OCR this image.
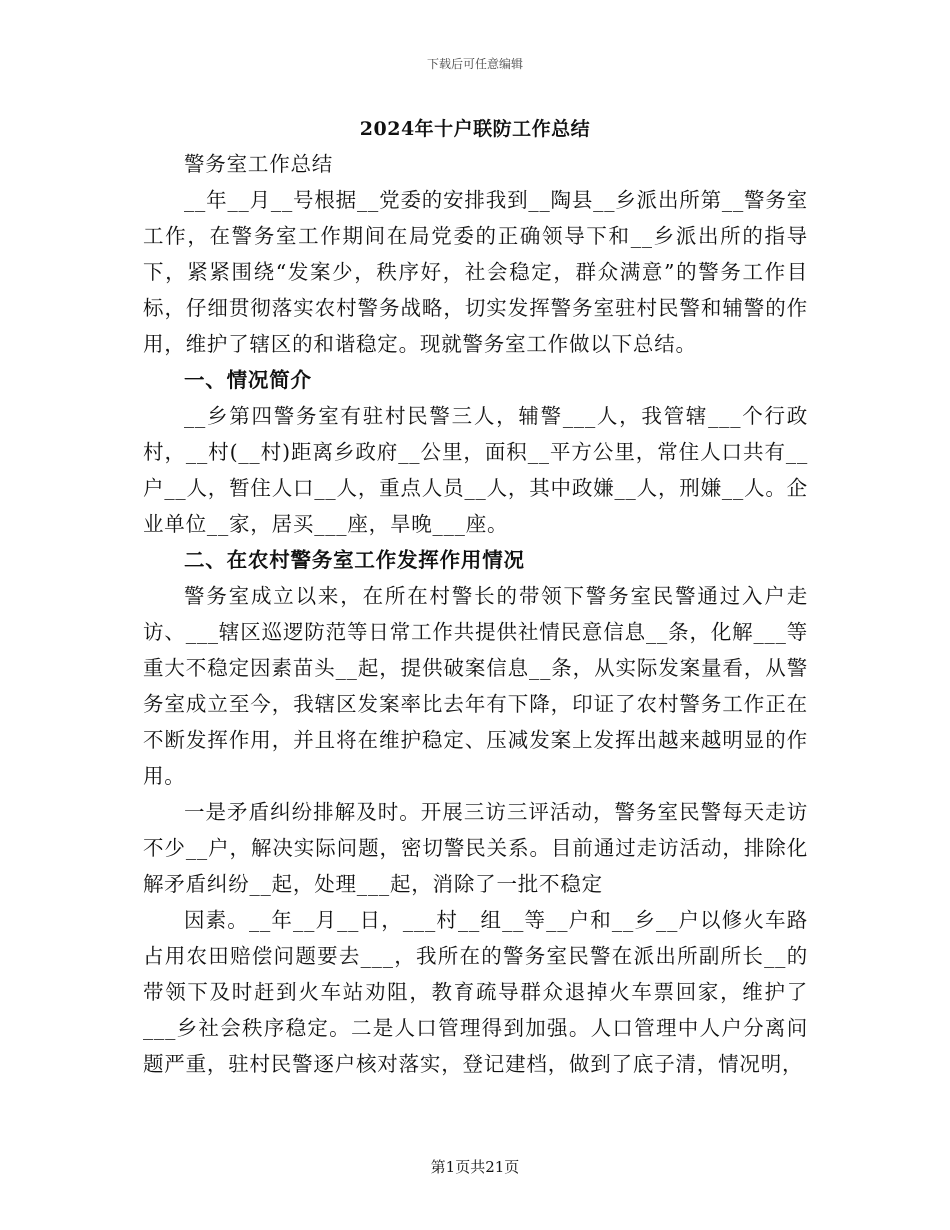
下载后可任意编辑
2024年十户联防工作总结

警务室工作总结

__年__月__号根据__党委的安排我到__陶县__乡派出所第__警务室工作，在警务室工作期间在局党委的正确领导下和__乡派出所的指导下，紧紧围绕“发案少，秩序好，社会稳定，群众满意”的警务工作目标，仔细贯彻落实农村警务战略，切实发挥警务室驻村民警和辅警的作用，维护了辖区的和谐稳定。现就警务室工作做以下总结。

一、情况简介

__乡第四警务室有驻村民警三人，辅警___人，我管辖___个行政村，__村(__村)距离乡政府__公里，面积__平方公里，常住人口共有__户__人，暂住人口__人，重点人员__人，其中政嫌__人，刑嫌__人。企业单位__家，居买___座，旱晚___座。

二、在农村警务室工作发挥作用情况

警务室成立以来，在所在村警长的带领下警务室民警通过入户走访、___辖区巡逻防范等日常工作共提供社情民意信息__条，化解___等重大不稳定因素苗头__起，提供破案信息__条，从实际发案量看，从警务室成立至今，我辖区发案率比去年有下降，印证了农村警务工作正在不断发挥作用，并且将在维护稳定、压减发案上发挥出越来越明显的作用。

一是矛盾纠纷排解及时。开展三访三评活动，警务室民警每天走访不少__户，解决实际问题，密切警民关系。目前通过走访活动，排除化解矛盾纠纷__起，处理___起，消除了一批不稳定

因素。__年__月__日，___村__组__等__户和__乡__户以修火车路占用农田赔偿问题要去___，我所在的警务室民警在派出所副所长__的带领下及时赶到火车站劝阻，教育疏导群众退掉火车票回家，维护了___乡社会秩序稳定。二是人口管理得到加强。人口管理中人户分离问题严重，驻村民警逐户核对落实，登记建档，做到了底子清，情况明，

第1页共21页
